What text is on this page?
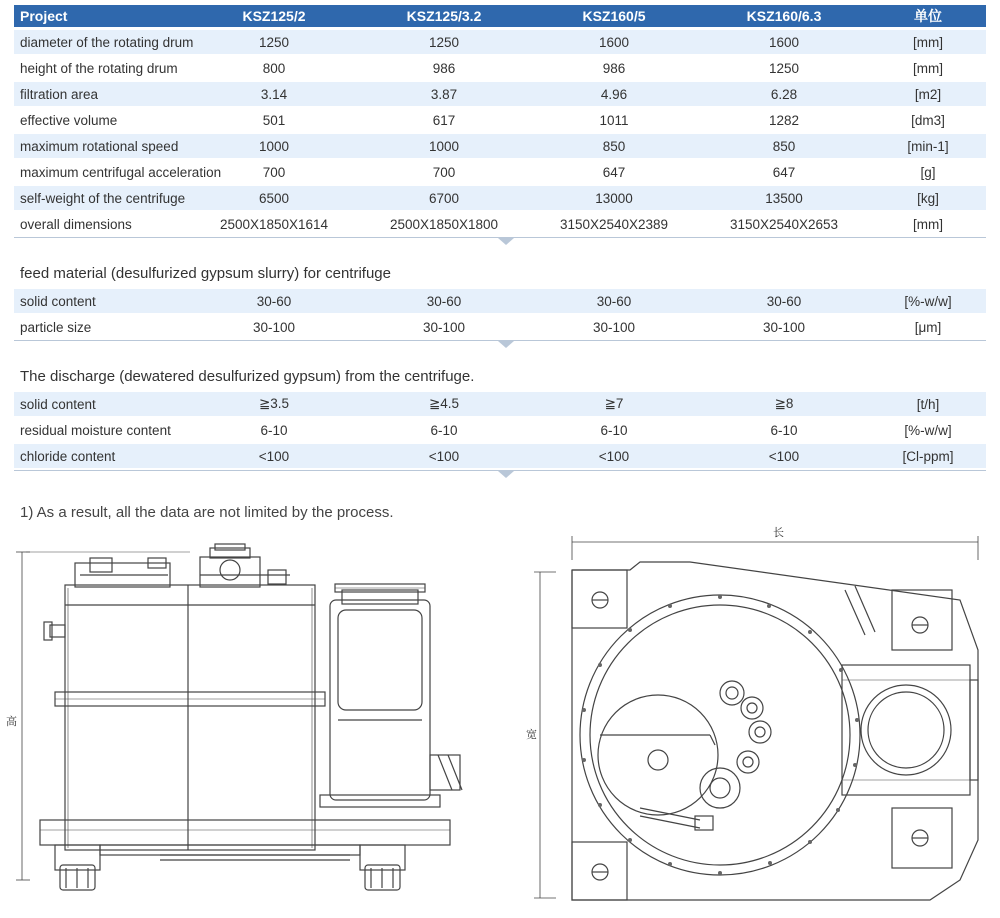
Project	KSZ125/2	KSZ125/3.2	KSZ160/5	KSZ160/6.3	单位
diameter of the rotating drum	1250	1250	1600	1600	[mm]
height of the rotating drum	800	986	986	1250	[mm]
filtration area	3.14	3.87	4.96	6.28	[m2]
effective volume	501	617	1011	1282	[dm3]
maximum rotational speed	1000	1000	850	850	[min-1]
maximum centrifugal acceleration	700	700	647	647	[g]
self-weight of the centrifuge	6500	6700	13000	13500	[kg]
overall dimensions	2500X1850X1614	2500X1850X1800	3150X2540X2389	3150X2540X2653	[mm]
feed material (desulfurized gypsum slurry) for centrifuge
solid content	30-60	30-60	30-60	30-60	[%-w/w]
particle size	30-100	30-100	30-100	30-100	[μm]
The discharge (dewatered desulfurized gypsum) from the centrifuge.
solid content	≧3.5	≧4.5	≧7	≧8	[t/h]
residual moisture content	6-10	6-10	6-10	6-10	[%-w/w]
chloride content	<100	<100	<100	<100	[Cl-ppm]
1) As a result, all the data are not limited by the process.
高
长
宽
